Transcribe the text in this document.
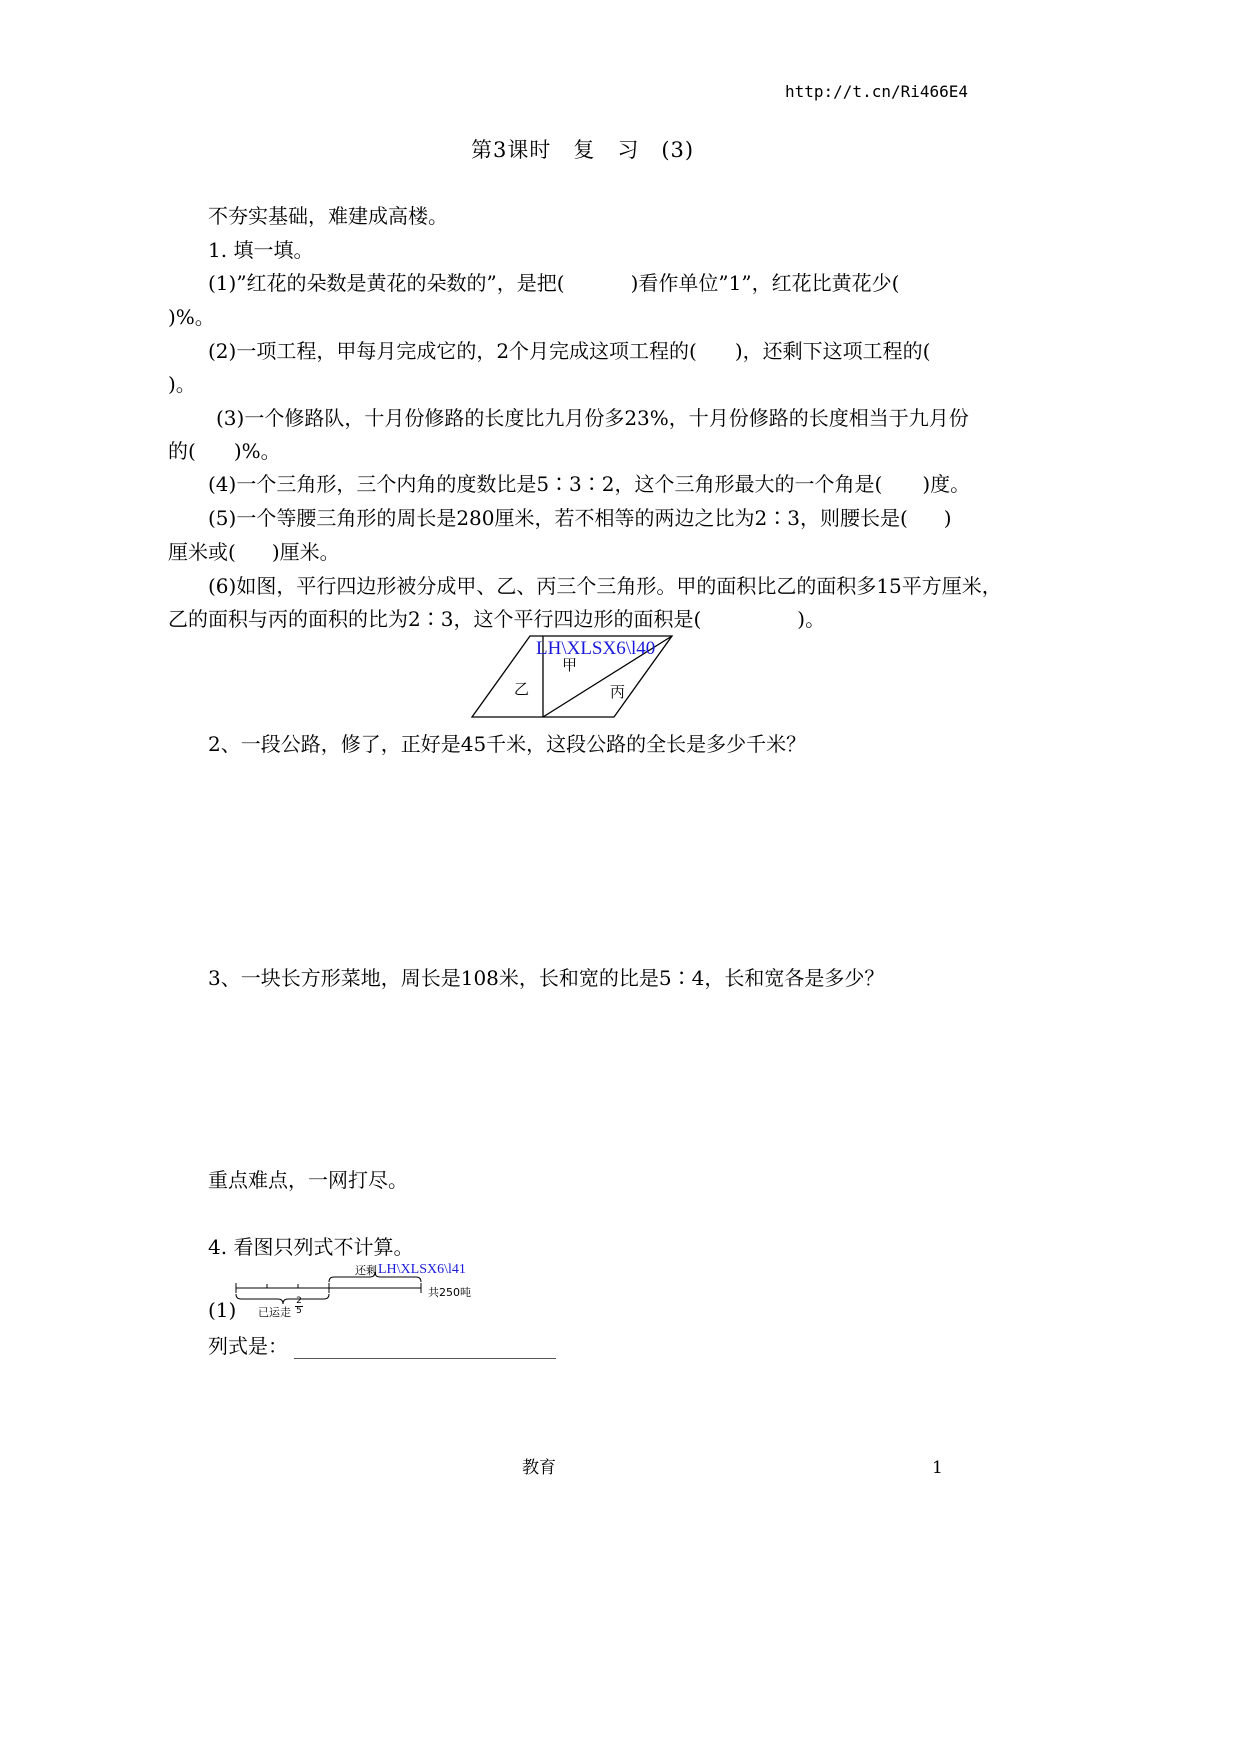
http://t.cn/Ri466E4
第3课时　复　习　(3)
不夯实基础，难建成高楼。
1. 填一填。
(1)”红花的朵数是黄花的朵数的”，是把(	)看作单位”1”，红花比黄花少(
)%。
(2)一项工程，甲每月完成它的，2个月完成这项工程的( )，还剩下这项工程的(
)。
(3)一个修路队，十月份修路的长度比九月份多23%，十月份修路的长度相当于九月份
的( )%。
(4)一个三角形，三个内角的度数比是5∶3∶2，这个三角形最大的一个角是( )度。
(5)一个等腰三角形的周长是280厘米，若不相等的两边之比为2∶3，则腰长是( )
厘米或( )厘米。
(6)如图，平行四边形被分成甲、乙、丙三个三角形。甲的面积比乙的面积多15平方厘米，
乙的面积与丙的面积的比为2∶3，这个平行四边形的面积是(	)。
LH\XLSX6\l40
甲
乙	丙
2、一段公路，修了，正好是45千米，这段公路的全长是多少千米？
3、一块长方形菜地，周长是108米，长和宽的比是5∶4，长和宽各是多少？
重点难点，一网打尽。
4. 看图只列式不计算。
还剩 LH\XLSX6\l41
共250吨
已运走 $\frac{2}{5}$
(1)
列式是：
教育	1
